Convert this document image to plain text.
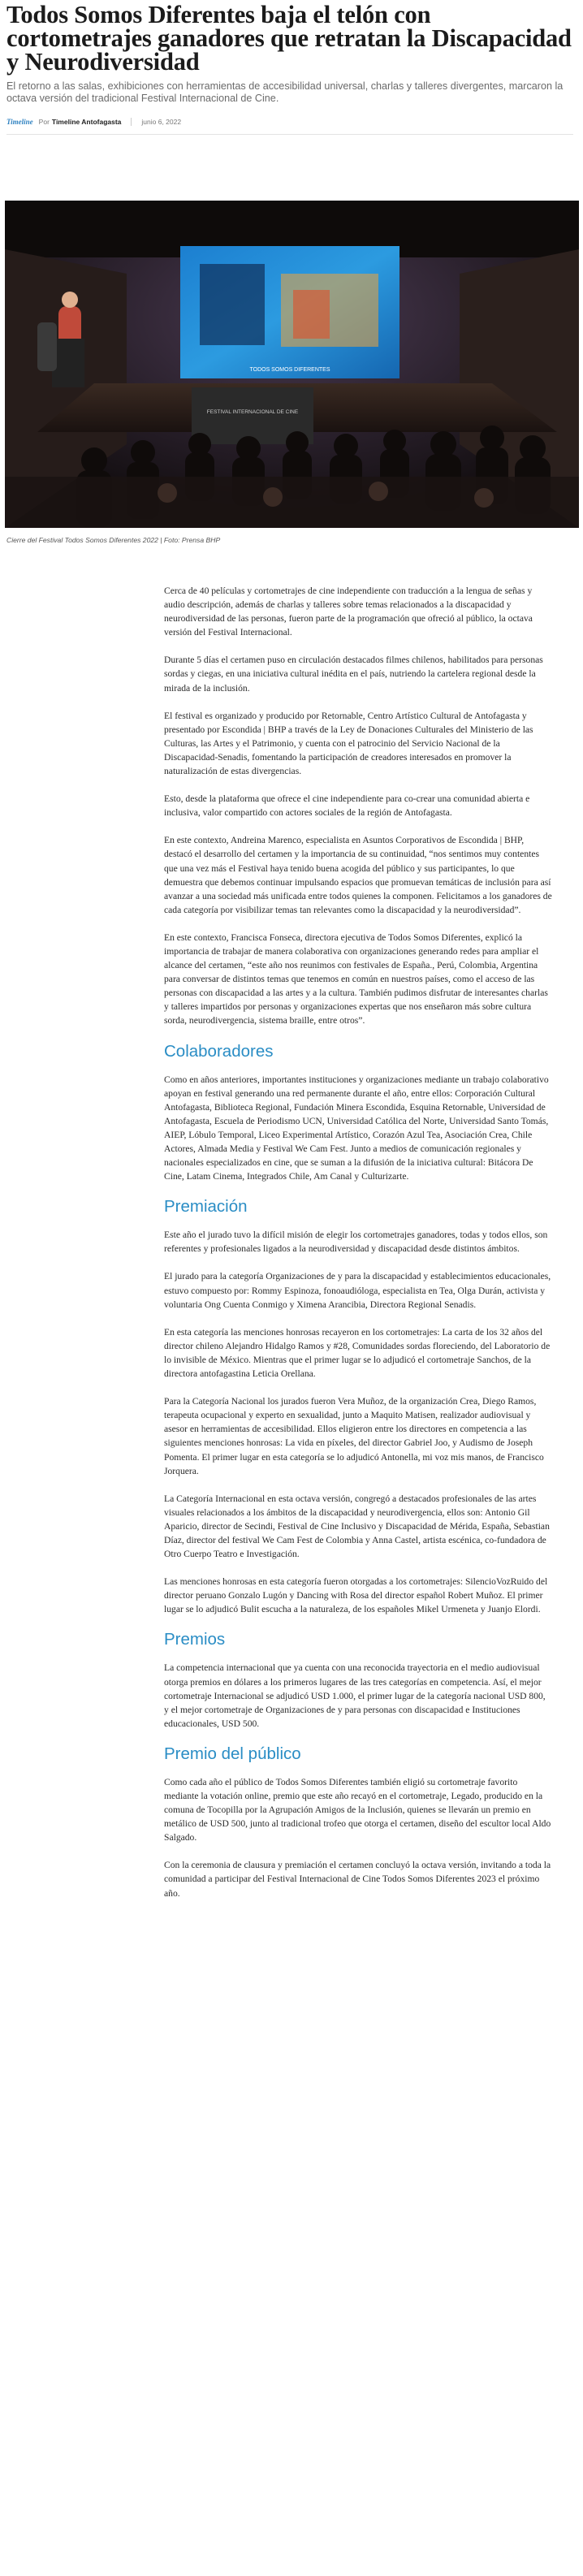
Todos Somos Diferentes baja el telón con cortometrajes ganadores que retratan la Discapacidad y Neurodiversidad

El retorno a las salas, exhibiciones con herramientas de accesibilidad universal, charlas y talleres divergentes, marcaron la octava versión del tradicional Festival Internacional de Cine.

Timeline Por Timeline Antofagasta	junio 6, 2022
TODOS SOMOS DIFERENTES
FESTIVAL INTERNACIONAL DE CINE
Cierre del Festival Todos Somos Diferentes 2022 | Foto: Prensa BHP

Cerca de 40 películas y cortometrajes de cine independiente con traducción a la lengua de señas y audio descripción, además de charlas y talleres sobre temas relacionados a la discapacidad y neurodiversidad de las personas, fueron parte de la programación que ofreció al público, la octava versión del Festival Internacional.

Durante 5 días el certamen puso en circulación destacados filmes chilenos, habilitados para personas sordas y ciegas, en una iniciativa cultural inédita en el país, nutriendo la cartelera regional desde la mirada de la inclusión.

El festival es organizado y producido por Retornable, Centro Artístico Cultural de Antofagasta y presentado por Escondida | BHP a través de la Ley de Donaciones Culturales del Ministerio de las Culturas, las Artes y el Patrimonio, y cuenta con el patrocinio del Servicio Nacional de la Discapacidad-Senadis, fomentando la participación de creadores interesados en promover la naturalización de estas divergencias.

Esto, desde la plataforma que ofrece el cine independiente para co-crear una comunidad abierta e inclusiva, valor compartido con actores sociales de la región de Antofagasta.

En este contexto, Andreina Marenco, especialista en Asuntos Corporativos de Escondida | BHP, destacó el desarrollo del certamen y la importancia de su continuidad, “nos sentimos muy contentes que una vez más el Festival haya tenido buena acogida del público y sus participantes, lo que demuestra que debemos continuar impulsando espacios que promuevan temáticas de inclusión para así avanzar a una sociedad más unificada entre todos quienes la componen. Felicitamos a los ganadores de cada categoría por visibilizar temas tan relevantes como la discapacidad y la neurodiversidad”.

En este contexto, Francisca Fonseca, directora ejecutiva de Todos Somos Diferentes, explicó la importancia de trabajar de manera colaborativa con organizaciones generando redes para ampliar el alcance del certamen, “este año nos reunimos con festivales de España., Perú, Colombia, Argentina para conversar de distintos temas que tenemos en común en nuestros países, como el acceso de las personas con discapacidad a las artes y a la cultura. También pudimos disfrutar de interesantes charlas y talleres impartidos por personas y organizaciones expertas que nos enseñaron más sobre cultura sorda, neurodivergencia, sistema braille, entre otros”.

Colaboradores

Como en años anteriores, importantes instituciones y organizaciones mediante un trabajo colaborativo apoyan en festival generando una red permanente durante el año, entre ellos: Corporación Cultural Antofagasta, Biblioteca Regional, Fundación Minera Escondida, Esquina Retornable, Universidad de Antofagasta, Escuela de Periodismo UCN, Universidad Católica del Norte, Universidad Santo Tomás, AIEP, Lóbulo Temporal, Liceo Experimental Artístico, Corazón Azul Tea, Asociación Crea, Chile Actores, Almada Media y Festival We Cam Fest. Junto a medios de comunicación regionales y nacionales especializados en cine, que se suman a la difusión de la iniciativa cultural: Bitácora De Cine, Latam Cinema, Integrados Chile, Am Canal y Culturizarte.

Premiación

Este año el jurado tuvo la difícil misión de elegir los cortometrajes ganadores, todas y todos ellos, son referentes y profesionales ligados a la neurodiversidad y discapacidad desde distintos ámbitos.

El jurado para la categoría Organizaciones de y para la discapacidad y establecimientos educacionales, estuvo compuesto por: Rommy Espinoza, fonoaudióloga, especialista en Tea, Olga Durán, activista y voluntaria Ong Cuenta Conmigo y Ximena Arancibia, Directora Regional Senadis.

En esta categoría las menciones honrosas recayeron en los cortometrajes: La carta de los 32 años del director chileno Alejandro Hidalgo Ramos y #28, Comunidades sordas floreciendo, del Laboratorio de lo invisible de México. Mientras que el primer lugar se lo adjudicó el cortometraje Sanchos, de la directora antofagastina Leticia Orellana.

Para la Categoría Nacional los jurados fueron Vera Muñoz, de la organización Crea, Diego Ramos, terapeuta ocupacional y experto en sexualidad, junto a Maquito Matisen, realizador audiovisual y asesor en herramientas de accesibilidad. Ellos eligieron entre los directores en competencia a las siguientes menciones honrosas: La vida en píxeles, del director Gabriel Joo, y Audismo de Joseph Pomenta. El primer lugar en esta categoría se lo adjudicó Antonella, mi voz mis manos, de Francisco Jorquera.

La Categoría Internacional en esta octava versión, congregó a destacados profesionales de las artes visuales relacionados a los ámbitos de la discapacidad y neurodivergencia, ellos son: Antonio Gil Aparicio, director de Secindi, Festival de Cine Inclusivo y Discapacidad de Mérida, España, Sebastian Díaz, director del festival We Cam Fest de Colombia y Anna Castel, artista escénica, co-fundadora de Otro Cuerpo Teatro e Investigación.

Las menciones honrosas en esta categoría fueron otorgadas a los cortometrajes: SilencioVozRuido del director peruano Gonzalo Lugón y Dancing with Rosa del director español Robert Muñoz. El primer lugar se lo adjudicó Bulit escucha a la naturaleza, de los españoles Mikel Urmeneta y Juanjo Elordi.

Premios

La competencia internacional que ya cuenta con una reconocida trayectoria en el medio audiovisual otorga premios en dólares a los primeros lugares de las tres categorías en competencia. Así, el mejor cortometraje Internacional se adjudicó USD 1.000, el primer lugar de la categoría nacional USD 800, y el mejor cortometraje de Organizaciones de y para personas con discapacidad e Instituciones educacionales, USD 500.

Premio del público

Como cada año el público de Todos Somos Diferentes también eligió su cortometraje favorito mediante la votación online, premio que este año recayó en el cortometraje, Legado, producido en la comuna de Tocopilla por la Agrupación Amigos de la Inclusión, quienes se llevarán un premio en metálico de USD 500, junto al tradicional trofeo que otorga el certamen, diseño del escultor local Aldo Salgado.

Con la ceremonia de clausura y premiación el certamen concluyó la octava versión, invitando a toda la comunidad a participar del Festival Internacional de Cine Todos Somos Diferentes 2023 el próximo año.
